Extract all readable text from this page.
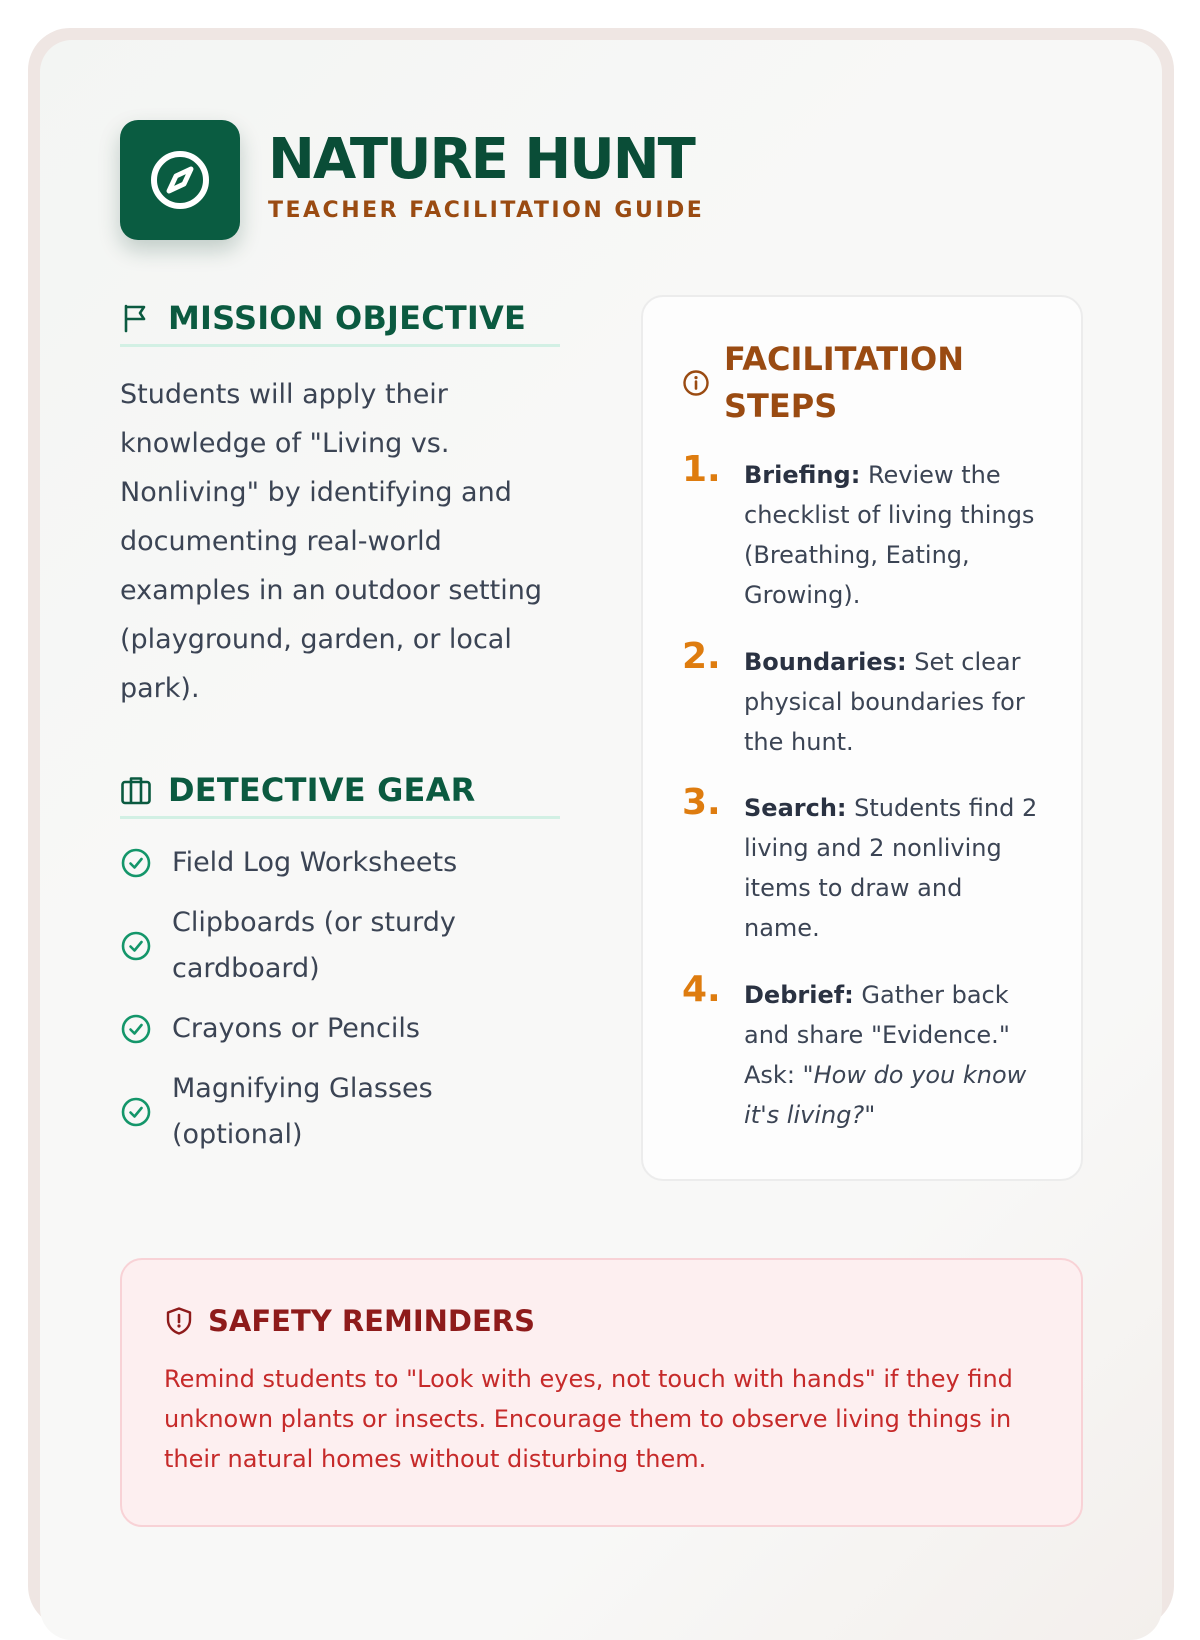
NATURE HUNT

TEACHER FACILITATION GUIDE

MISSION OBJECTIVE

Students will apply their knowledge of "Living vs. Nonliving" by identifying and documenting real-world examples in an outdoor setting (playground, garden, or local park).

DETECTIVE GEAR
Field Log Worksheets
Clipboards (or sturdy cardboard)
Crayons or Pencils
Magnifying Glasses (optional)
FACILITATION STEPS
1. Briefing: Review the checklist of living things (Breathing, Eating, Growing).
2. Boundaries: Set clear physical boundaries for the hunt.
3. Search: Students find 2 living and 2 nonliving items to draw and name.
4. Debrief: Gather back and share "Evidence." Ask: "How do you know it's living?"
SAFETY REMINDERS

Remind students to "Look with eyes, not touch with hands" if they find unknown plants or insects. Encourage them to observe living things in their natural homes without disturbing them.
